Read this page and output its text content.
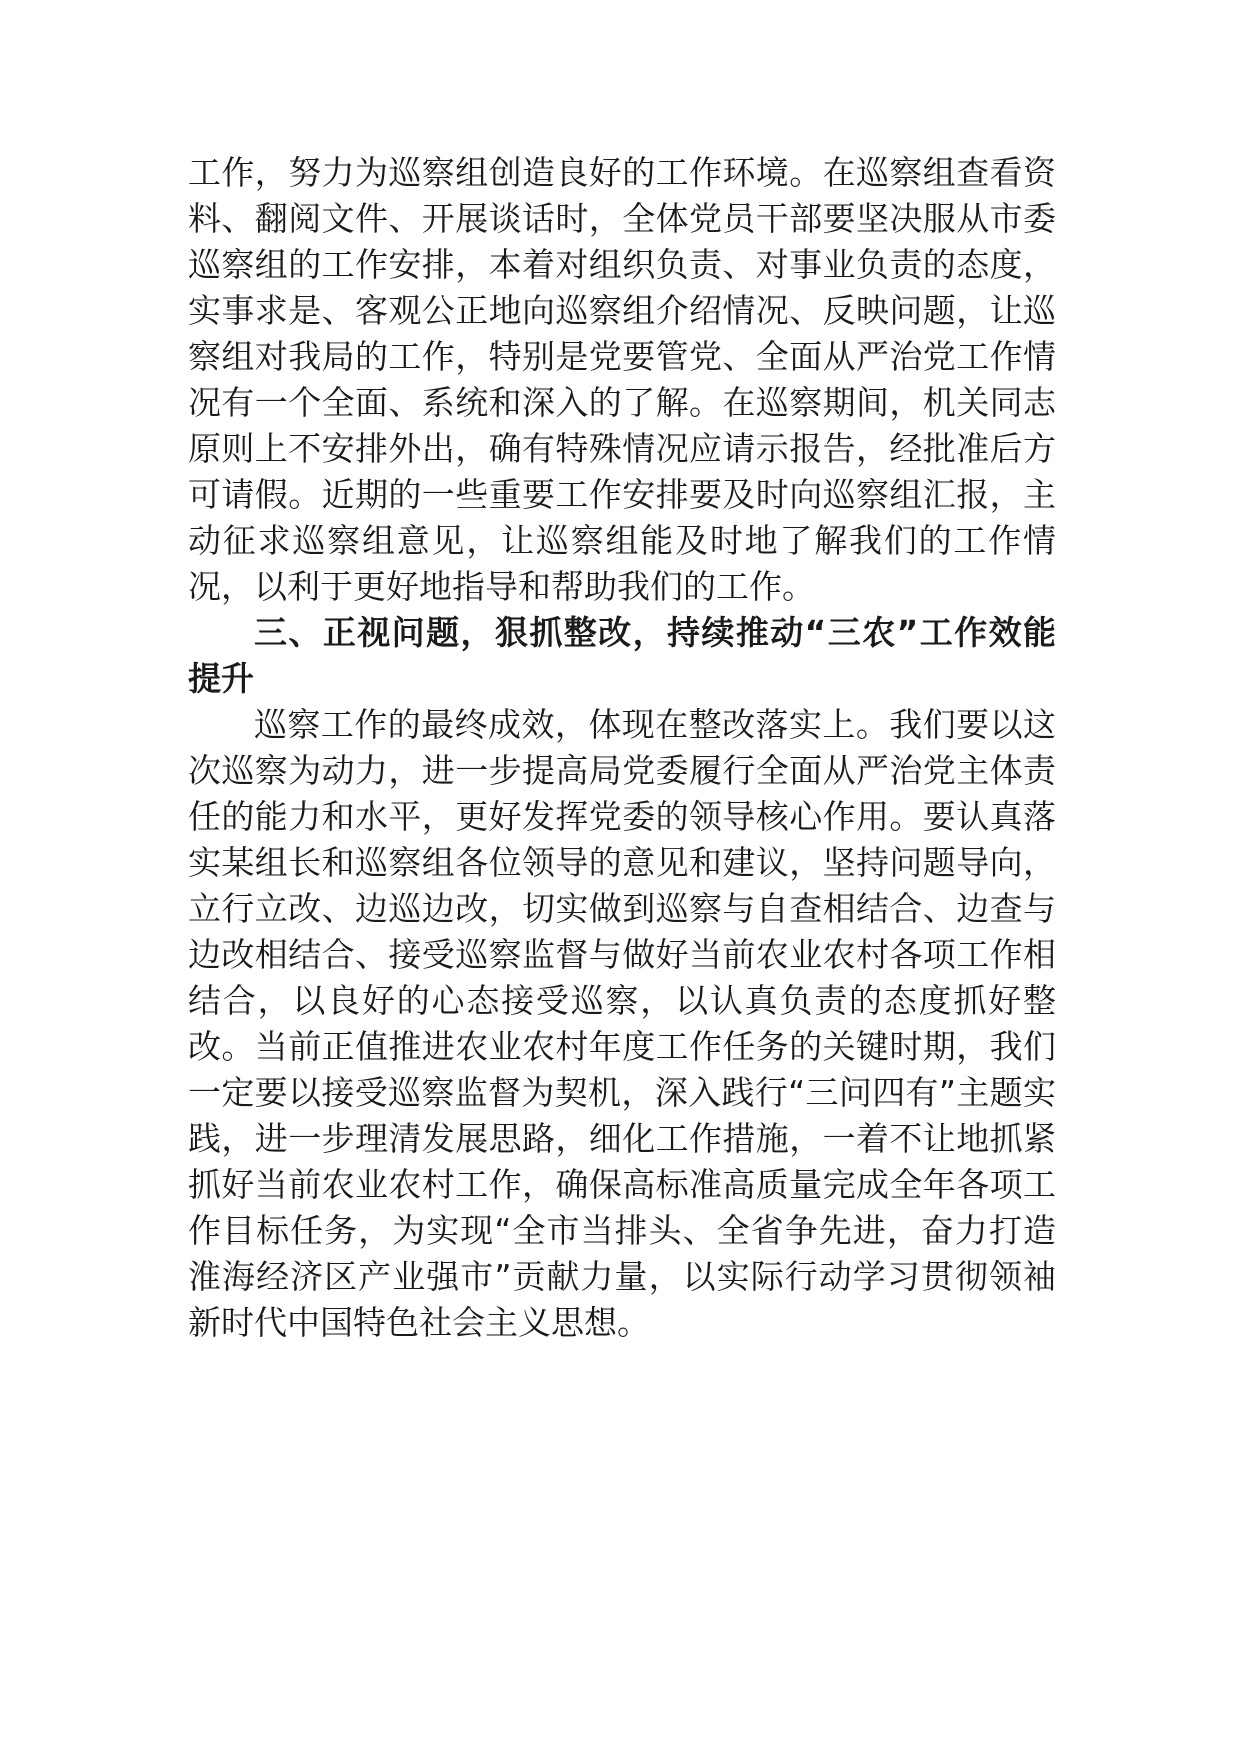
工作，努力为巡察组创造良好的工作环境。在巡察组查看资料、翻阅文件、开展谈话时，全体党员干部要坚决服从市委巡察组的工作安排，本着对组织负责、对事业负责的态度，实事求是、客观公正地向巡察组介绍情况、反映问题，让巡察组对我局的工作，特别是党要管党、全面从严治党工作情况有一个全面、系统和深入的了解。在巡察期间，机关同志原则上不安排外出，确有特殊情况应请示报告，经批准后方可请假。近期的一些重要工作安排要及时向巡察组汇报，主动征求巡察组意见，让巡察组能及时地了解我们的工作情况，以利于更好地指导和帮助我们的工作。

三、正视问题，狠抓整改，持续推动“三农”工作效能提升

巡察工作的最终成效，体现在整改落实上。我们要以这次巡察为动力，进一步提高局党委履行全面从严治党主体责任的能力和水平，更好发挥党委的领导核心作用。要认真落实某组长和巡察组各位领导的意见和建议，坚持问题导向，立行立改、边巡边改，切实做到巡察与自查相结合、边查与边改相结合、接受巡察监督与做好当前农业农村各项工作相结合，以良好的心态接受巡察，以认真负责的态度抓好整改。当前正值推进农业农村年度工作任务的关键时期，我们一定要以接受巡察监督为契机，深入践行“三问四有”主题实践，进一步理清发展思路，细化工作措施，一着不让地抓紧抓好当前农业农村工作，确保高标准高质量完成全年各项工作目标任务，为实现“全市当排头、全省争先进，奋力打造淮海经济区产业强市”贡献力量，以实际行动学习贯彻领袖新时代中国特色社会主义思想。
